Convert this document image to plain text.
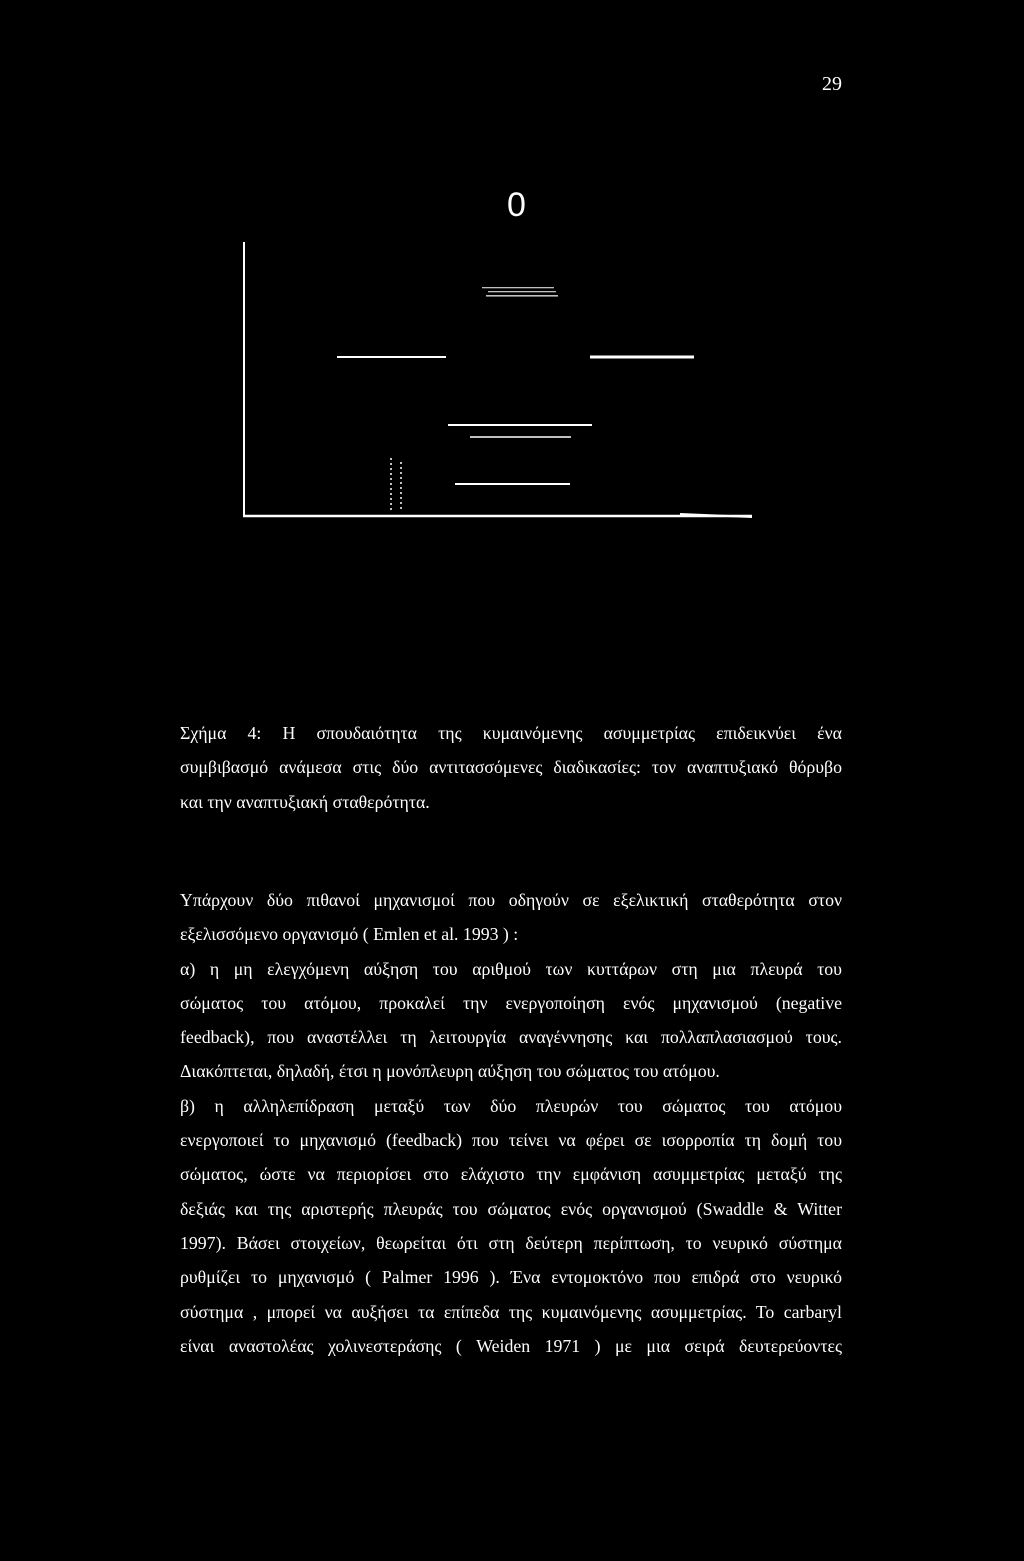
29
0
Σχήμα 4: Η σπουδαιότητα της κυμαινόμενης ασυμμετρίας επιδεικνύει ένα
συμβιβασμό ανάμεσα στις δύο αντιτασσόμενες διαδικασίες: τον αναπτυξιακό θόρυβο
και την αναπτυξιακή σταθερότητα.
Υπάρχουν δύο πιθανοί μηχανισμοί που οδηγούν σε εξελικτική σταθερότητα στον
εξελισσόμενο οργανισμό ( Emlen et al. 1993 ) :
α) η μη ελεγχόμενη αύξηση του αριθμού των κυττάρων στη μια πλευρά του
σώματος του ατόμου, προκαλεί την ενεργοποίηση ενός μηχανισμού (negative
feedback), που αναστέλλει τη λειτουργία αναγέννησης και πολλαπλασιασμού τους.
Διακόπτεται, δηλαδή, έτσι η μονόπλευρη αύξηση του σώματος του ατόμου.
β) η αλληλεπίδραση μεταξύ των δύο πλευρών του σώματος του ατόμου
ενεργοποιεί το μηχανισμό (feedback) που τείνει να φέρει σε ισορροπία τη δομή του
σώματος, ώστε να περιορίσει στο ελάχιστο την εμφάνιση ασυμμετρίας μεταξύ της
δεξιάς και της αριστερής πλευράς του σώματος ενός οργανισμού (Swaddle & Witter
1997). Βάσει στοιχείων, θεωρείται ότι στη δεύτερη περίπτωση, το νευρικό σύστημα
ρυθμίζει το μηχανισμό ( Palmer 1996 ). Ένα εντομοκτόνο που επιδρά στο νευρικό
σύστημα , μπορεί να αυξήσει τα επίπεδα της κυμαινόμενης ασυμμετρίας. Το carbaryl
είναι αναστολέας χολινεστεράσης ( Weiden 1971 ) με μια σειρά δευτερεύοντες
